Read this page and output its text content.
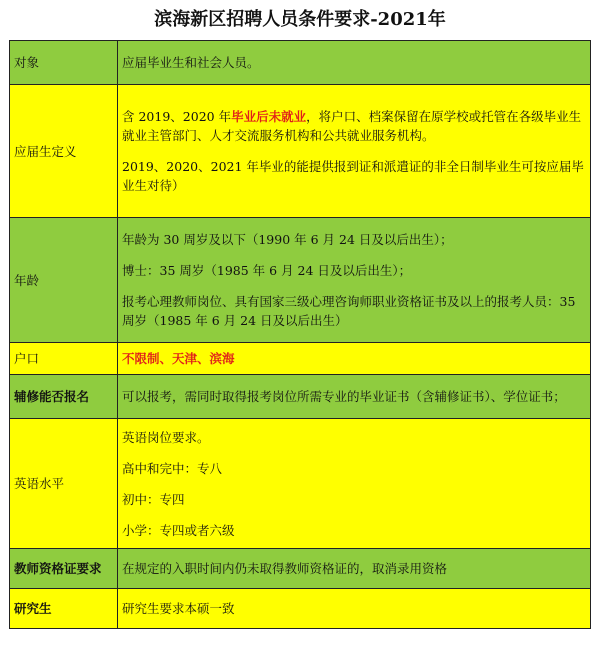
滨海新区招聘人员条件要求-2021年
对象	应届毕业生和社会人员。
应届生定义	含 2019、2020 年毕业后未就业，将户口、档案保留在原学校或托管在各级毕业生就业主管部门、人才交流服务机构和公共就业服务机构。

2019、2020、2021 年毕业的能提供报到证和派遣证的非全日制毕业生可按应届毕业生对待）

年龄	年龄为 30 周岁及以下（1990 年 6 月 24 日及以后出生）；

博士：35 周岁（1985 年 6 月 24 日及以后出生）；

报考心理教师岗位、具有国家三级心理咨询师职业资格证书及以上的报考人员：35 周岁（1985 年 6 月 24 日及以后出生）

户口	不限制、天津、滨海
辅修能否报名	可以报考，需同时取得报考岗位所需专业的毕业证书（含辅修证书）、学位证书；
英语水平	英语岗位要求。

高中和完中：专八

初中：专四

小学：专四或者六级

教师资格证要求	在规定的入职时间内仍未取得教师资格证的，取消录用资格
研究生	研究生要求本硕一致
